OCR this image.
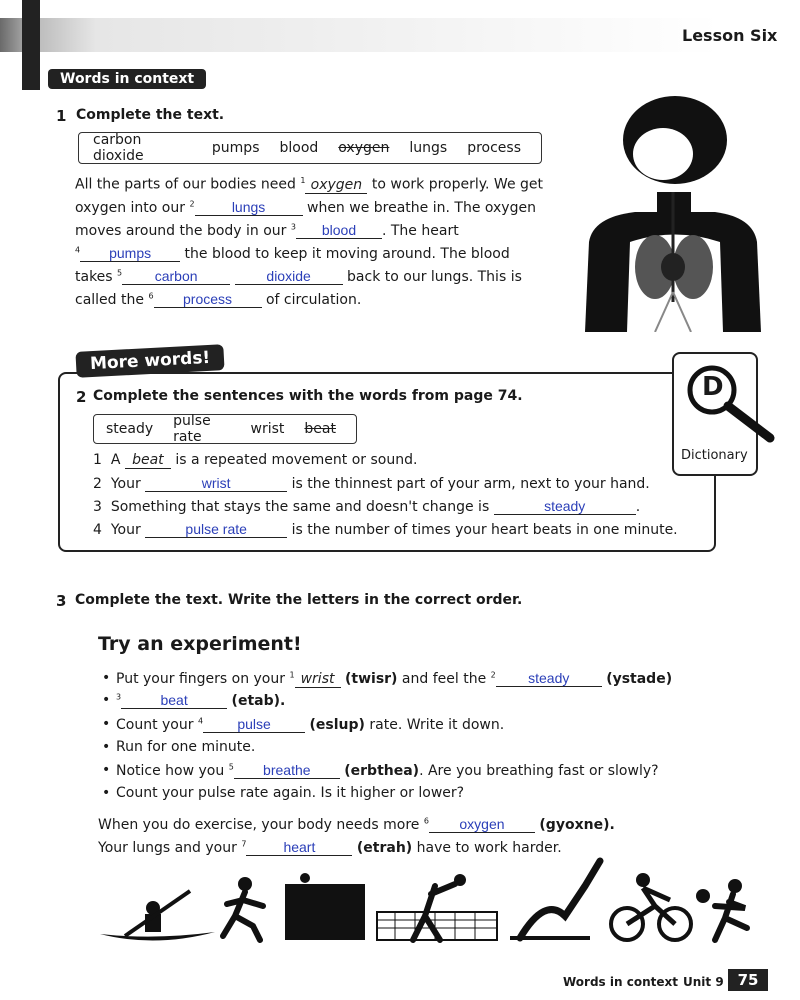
Lesson Six
Words in context
1 Complete the text.
carbon dioxide	pumps blood oxygen lungs process
All the parts of our bodies need $^1$ oxygen to work properly. We get
oxygen into our $^2$	lungs	when we breathe in. The oxygen
moves around the body in our $^3$ blood . The heart
$^4$ pumps the blood to keep it moving around. The blood
takes $^5$ carbon	dioxide	back to our lungs. This is
called the $^6$ process of circulation.
More words!
2 Complete the sentences with the words from page 74.
steady pulse rate	wrist beat
D
Dictionary
1 A beat is a repeated movement or sound.
2 Your	wrist	is the thinnest part of your arm, next to your hand.
3 Something that stays the same and doesn't change is	steady	.
4 Your	pulse rate	is the number of times your heart beats in one minute.
3 Complete the text. Write the letters in the correct order.
Try an experiment!
• Put your fingers on your $^1$ wrist (twisr) and feel the $^2$ steady	(ystade)
• $^3$	beat	(etab).
• Count your $^4$ pulse	(eslup) rate. Write it down.
• Run for one minute.
• Notice how you $^5$ breathe (erbthea). Are you breathing fast or slowly?
• Count your pulse rate again. Is it higher or lower?
When you do exercise, your body needs more $^6$ oxygen (gyoxne).
Your lungs and your $^7$	heart	(etrah) have to work harder.
Words in context Unit 9 75
